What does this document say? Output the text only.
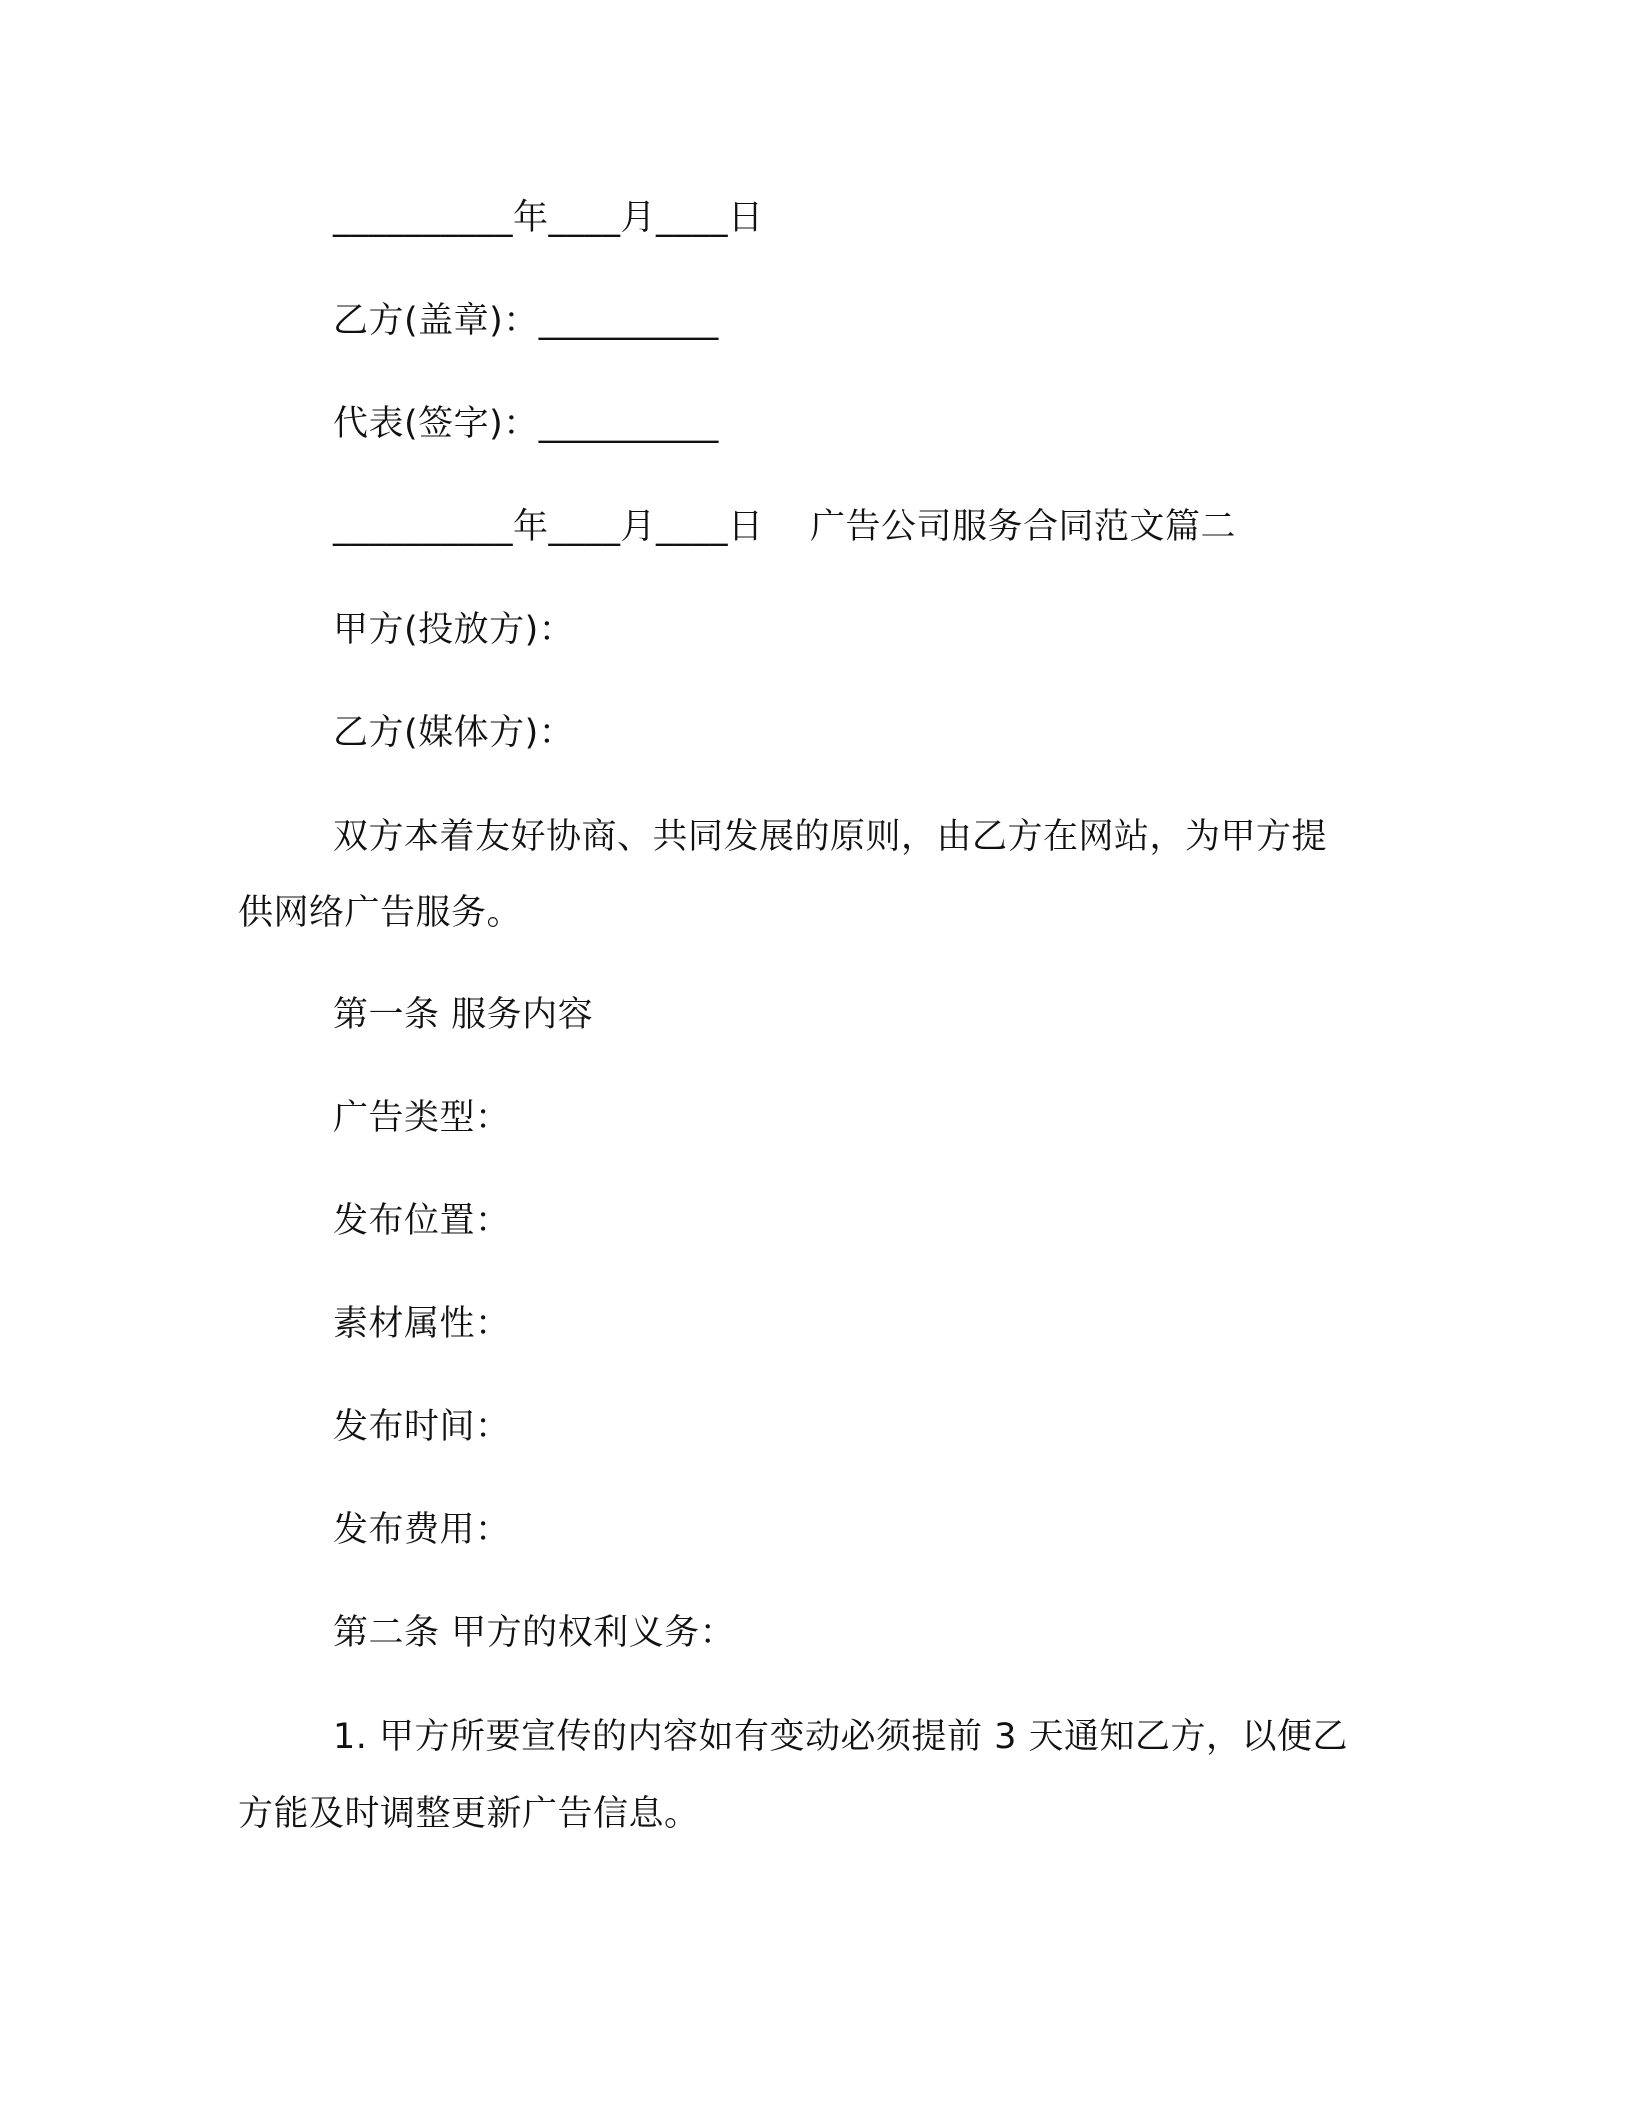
__________年____月____日
乙方(盖章)：__________
代表(签字)：__________
__________年____月____日    广告公司服务合同范文篇二
甲方(投放方)：
乙方(媒体方)：
双方本着友好协商、共同发展的原则，由乙方在网站，为甲方提
供网络广告服务。
第一条 服务内容
广告类型：
发布位置：
素材属性：
发布时间：
发布费用：
第二条 甲方的权利义务：
1. 甲方所要宣传的内容如有变动必须提前 3 天通知乙方，以便乙
方能及时调整更新广告信息。
